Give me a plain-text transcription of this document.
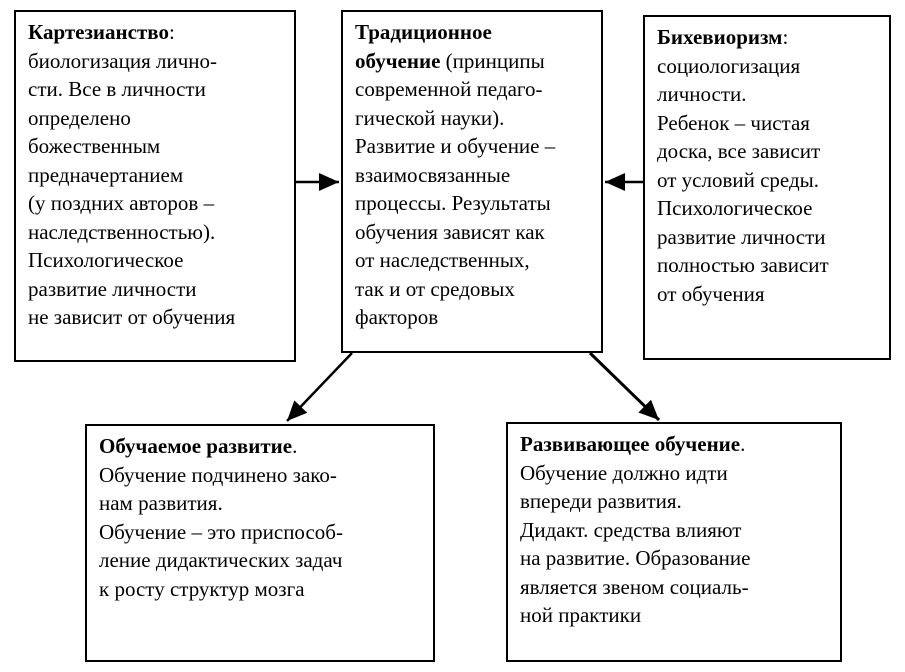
Картезианство:
биологизация лично-
сти. Все в личности
определено
божественным
предначертанием
(у поздних авторов –
наследственностью).
Психологическое
развитие личности
не зависит от обучения
Традиционное
обучение (принципы
современной педаго-
гической науки).
Развитие и обучение –
взаимосвязанные
процессы. Результаты
обучения зависят как
от наследственных,
так и от средовых
факторов
Бихевиоризм:
социологизация
личности.
Ребенок – чистая
доска, все зависит
от условий среды.
Психологическое
развитие личности
полностью зависит
от обучения
Обучаемое развитие.
Обучение подчинено зако-
нам развития.
Обучение – это приспособ-
ление дидактических задач
к росту структур мозга
Развивающее обучение.
Обучение должно идти
впереди развития.
Дидакт. средства влияют
на развитие. Образование
является звеном социаль-
ной практики
